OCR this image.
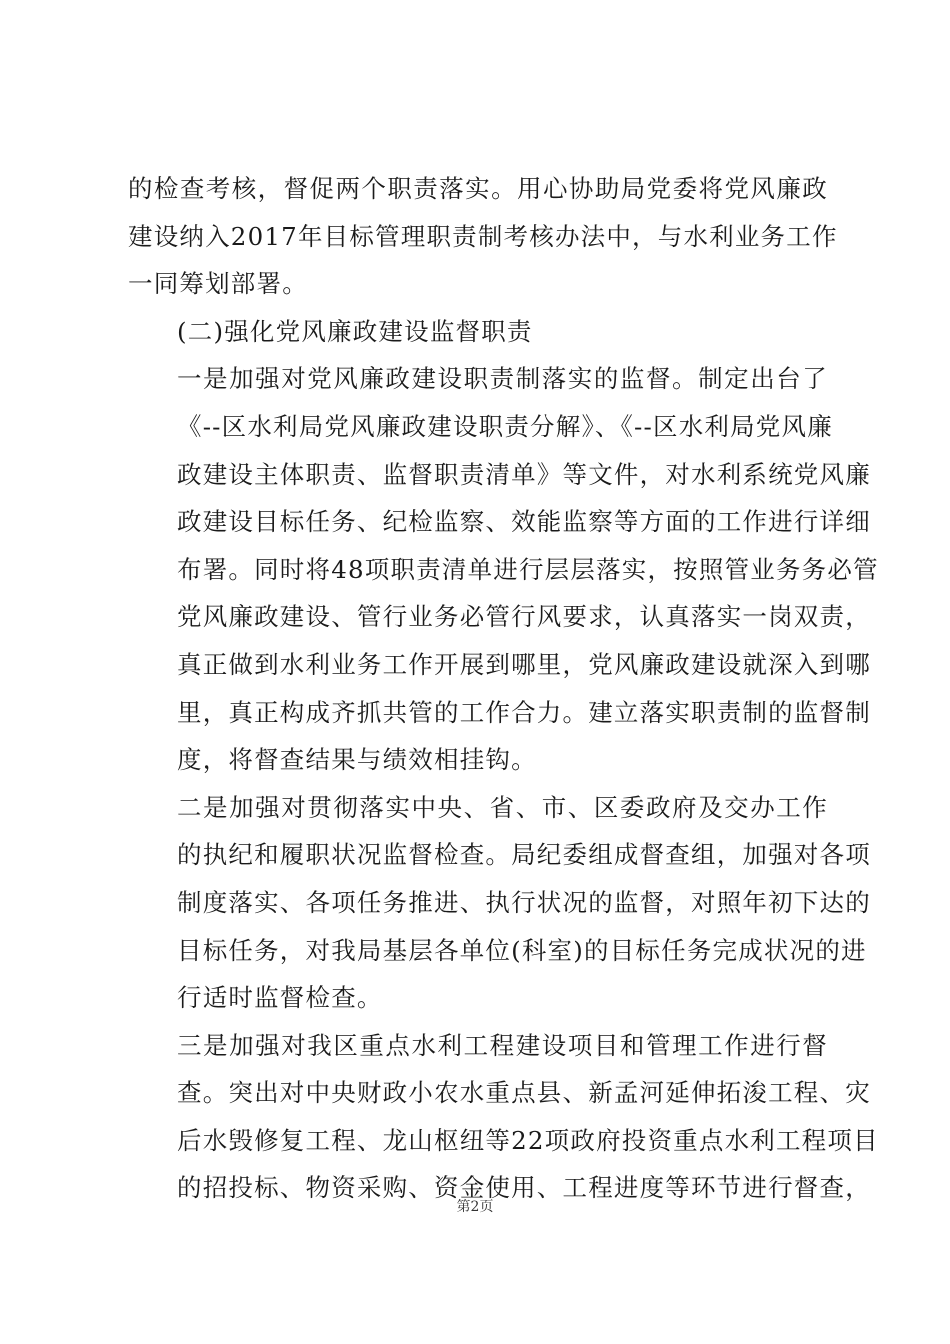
的检查考核，督促两个职责落实。用心协助局党委将党风廉政
建设纳入2017年目标管理职责制考核办法中，与水利业务工作
一同筹划部署。

(二)强化党风廉政建设监督职责

一是加强对党风廉政建设职责制落实的监督。制定出台了
《--区水利局党风廉政建设职责分解》、《--区水利局党风廉
政建设主体职责、监督职责清单》等文件，对水利系统党风廉
政建设目标任务、纪检监察、效能监察等方面的工作进行详细
布署。同时将48项职责清单进行层层落实，按照管业务务必管
党风廉政建设、管行业务必管行风要求，认真落实一岗双责，
真正做到水利业务工作开展到哪里，党风廉政建设就深入到哪
里，真正构成齐抓共管的工作合力。建立落实职责制的监督制
度，将督查结果与绩效相挂钩。

二是加强对贯彻落实中央、省、市、区委政府及交办工作
的执纪和履职状况监督检查。局纪委组成督查组，加强对各项
制度落实、各项任务推进、执行状况的监督，对照年初下达的
目标任务，对我局基层各单位(科室)的目标任务完成状况的进
行适时监督检查。

三是加强对我区重点水利工程建设项目和管理工作进行督
查。突出对中央财政小农水重点县、新孟河延伸拓浚工程、灾
后水毁修复工程、龙山枢纽等22项政府投资重点水利工程项目
的招投标、物资采购、资金使用、工程进度等环节进行督查，

第2页
